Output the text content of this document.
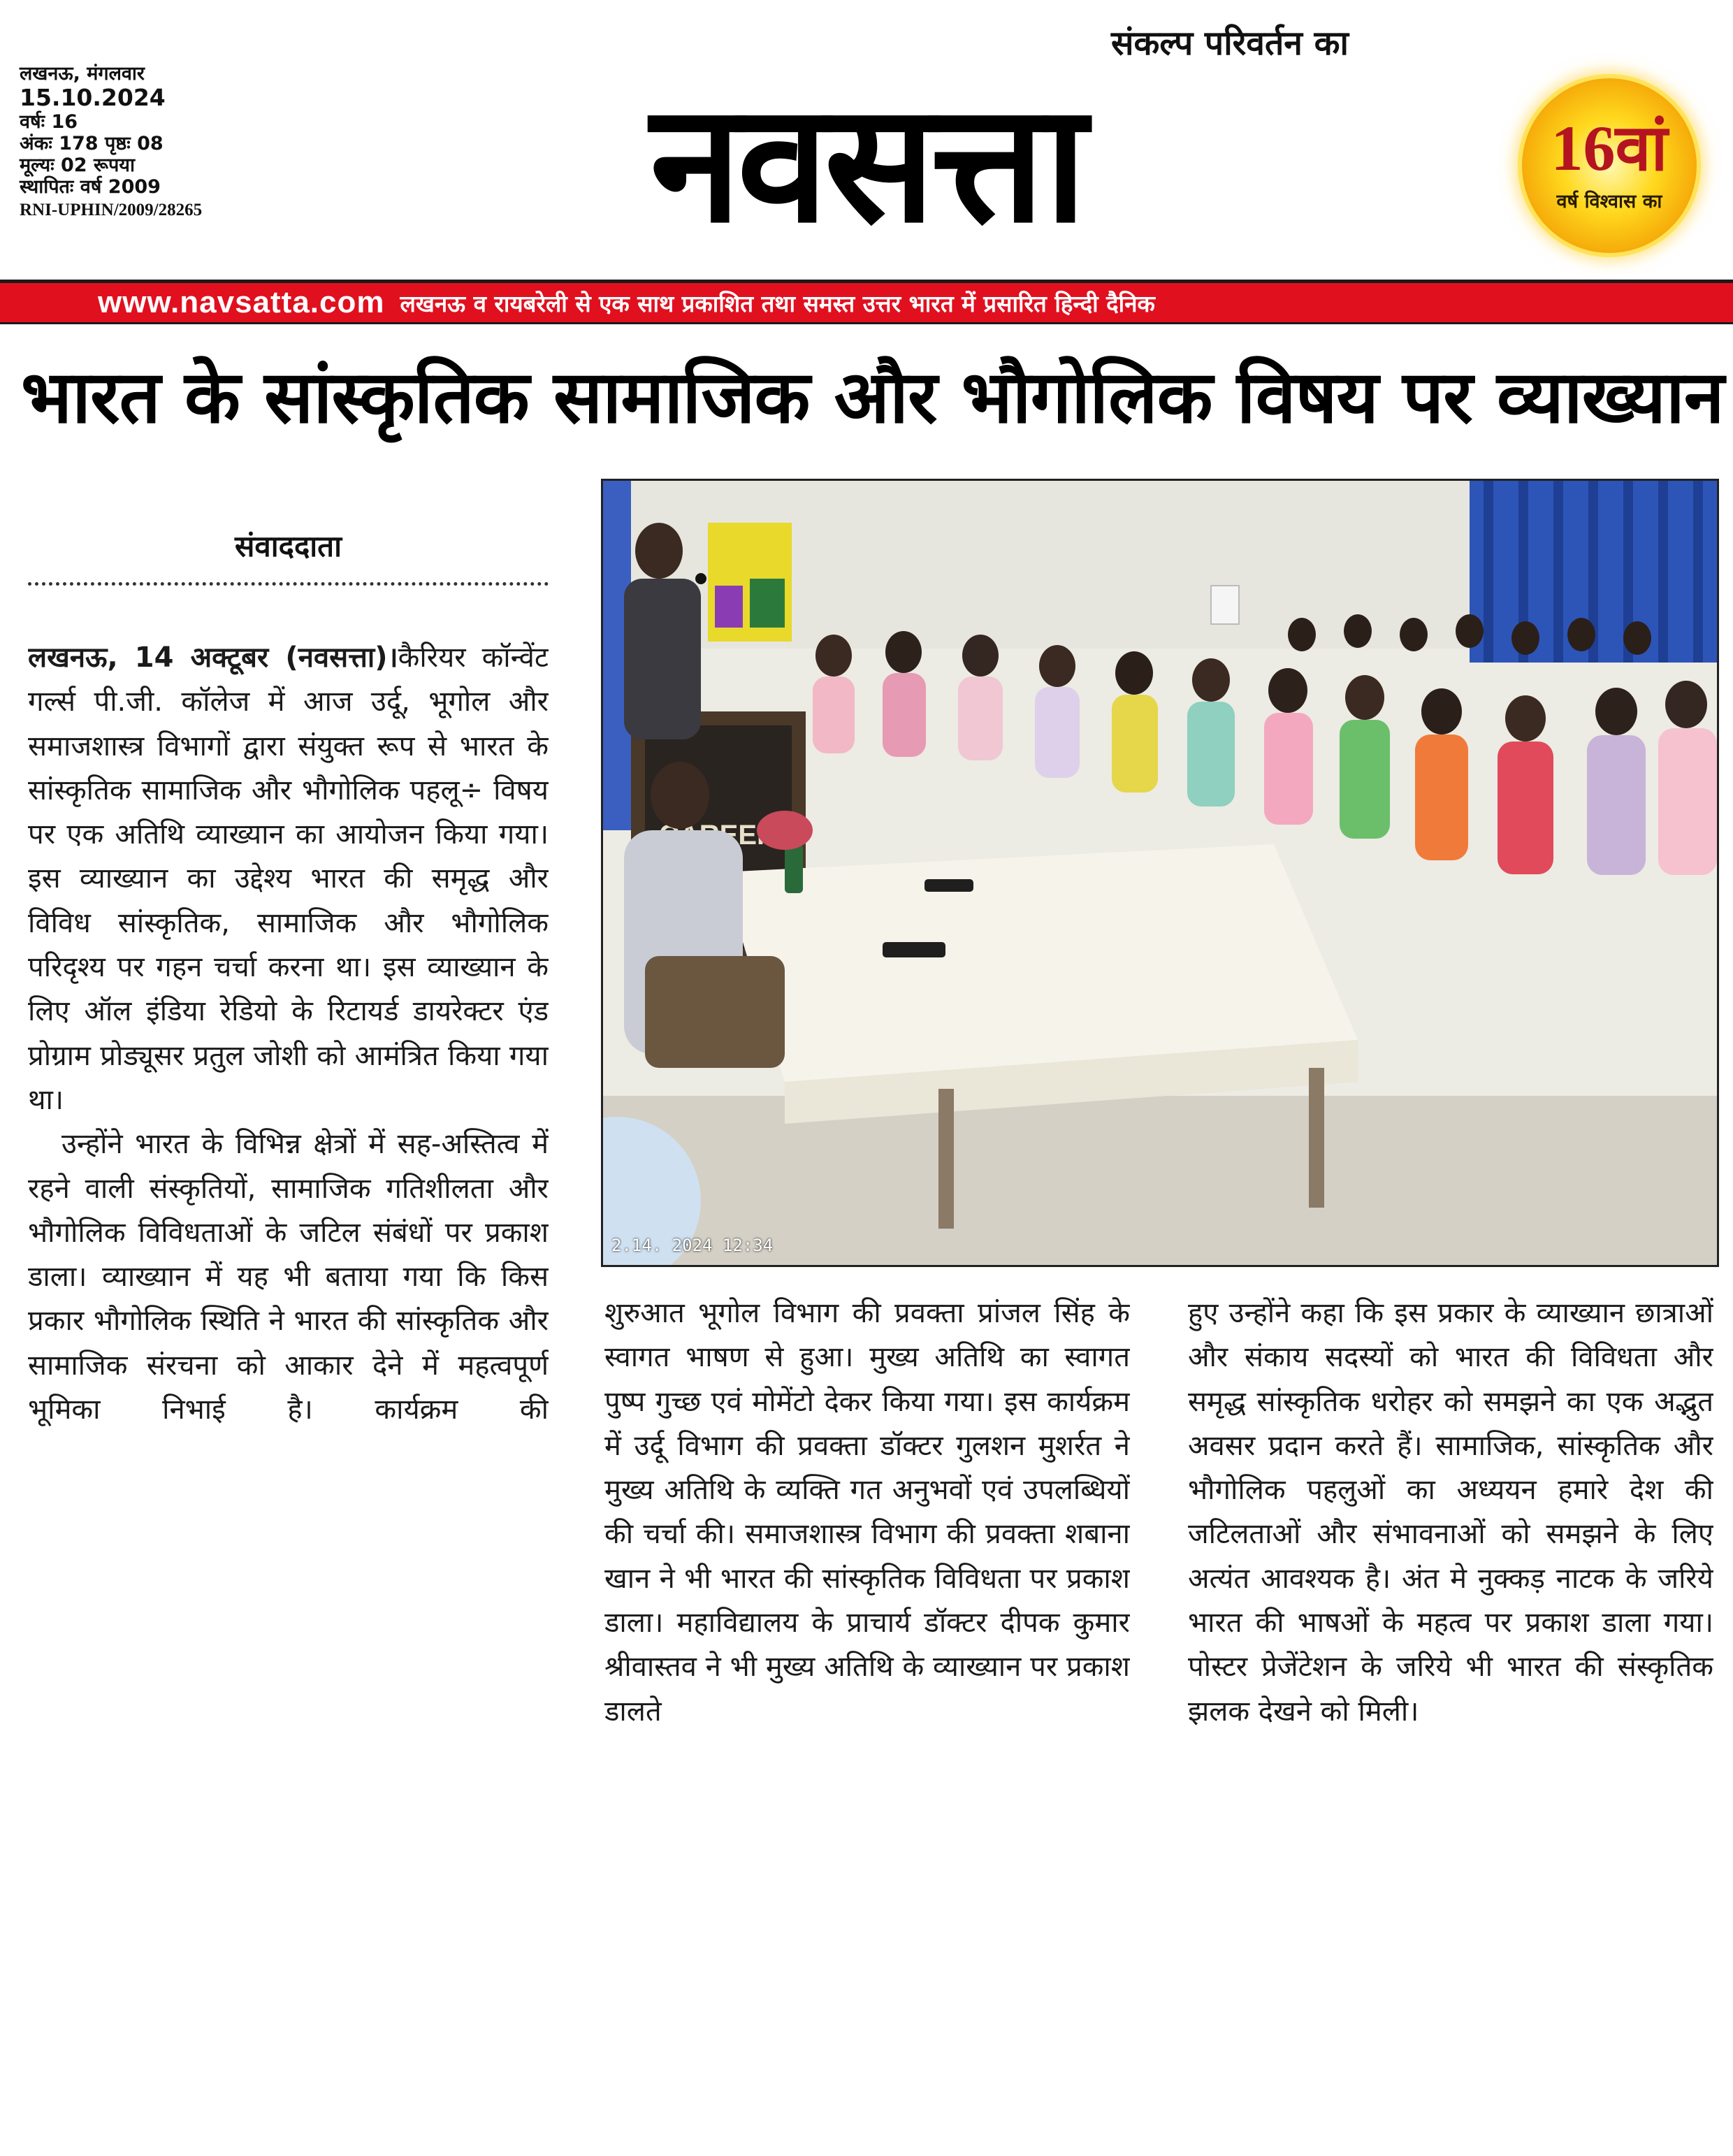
संकल्प परिवर्तन का
लखनऊ, मंगलवार
15.10.2024
वर्षः 16
अंकः 178 पृष्ठः 08
मूल्यः 02 रूपया
स्थापितः वर्ष 2009
RNI-UPHIN/2009/28265	नवसत्ता	16वां
वर्ष विश्वास का
www.navsatta.com लखनऊ व रायबरेली से एक साथ प्रकाशित तथा समस्त उत्तर भारत में प्रसारित हिन्दी दैनिक
भारत के सांस्कृतिक सामाजिक और भौगोलिक विषय पर व्याख्यान
संवाददाता

लखनऊ, 14 अक्टूबर (नवसत्ता)।कैरियर कॉन्वेंट गर्ल्स पी.जी. कॉलेज में आज उर्दू, भूगोल और समाजशास्त्र विभागों द्वारा संयुक्त रूप से भारत के सांस्कृतिक सामाजिक और भौगोलिक पहलू÷ विषय पर एक अतिथि व्याख्यान का आयोजन किया गया। इस व्याख्यान का उद्देश्य भारत की समृद्ध और विविध सांस्कृतिक, सामाजिक और भौगोलिक परिदृश्य पर गहन चर्चा करना था। इस व्याख्यान के लिए ऑल इंडिया रेडियो के रिटायर्ड डायरेक्टर एंड प्रोग्राम प्रोड्यूसर प्रतुल जोशी को आमंत्रित किया गया था।

उन्होंने भारत के विभिन्न क्षेत्रों में सह-अस्तित्व में रहने वाली संस्कृतियों, सामाजिक गतिशीलता और भौगोलिक विविधताओं के जटिल संबंधों पर प्रकाश डाला। व्याख्यान में यह भी बताया गया कि किस प्रकार भौगोलिक स्थिति ने भारत की सांस्कृतिक और सामाजिक संरचना को आकार देने में महत्वपूर्ण भूमिका निभाई है। कार्यक्रम की

2.14. 2024 12:34

शुरुआत भूगोल विभाग की प्रवक्ता प्रांजल सिंह के स्वागत भाषण से हुआ। मुख्य अतिथि का स्वागत पुष्प गुच्छ एवं मोमेंटो देकर किया गया। इस कार्यक्रम में उर्दू विभाग की प्रवक्ता डॉक्टर गुलशन मुशर्रत ने मुख्य अतिथि के व्यक्ति गत अनुभवों एवं उपलब्धियों की चर्चा की। समाजशास्त्र विभाग की प्रवक्ता शबाना खान ने भी भारत की सांस्कृतिक विविधता पर प्रकाश डाला। महाविद्यालय के प्राचार्य डॉक्टर दीपक कुमार श्रीवास्तव ने भी मुख्य अतिथि के व्याख्यान पर प्रकाश डालते

हुए उन्होंने कहा कि इस प्रकार के व्याख्यान छात्राओं और संकाय सदस्यों को भारत की विविधता और समृद्ध सांस्कृतिक धरोहर को समझने का एक अद्भुत अवसर प्रदान करते हैं। सामाजिक, सांस्कृतिक और भौगोलिक पहलुओं का अध्ययन हमारे देश की जटिलताओं और संभावनाओं को समझने के लिए अत्यंत आवश्यक है। अंत मे नुक्कड़ नाटक के जरिये भारत की भाषओं के महत्व पर प्रकाश डाला गया। पोस्टर प्रेजेंटेशन के जरिये भी भारत की संस्कृतिक झलक देखने को मिली।
